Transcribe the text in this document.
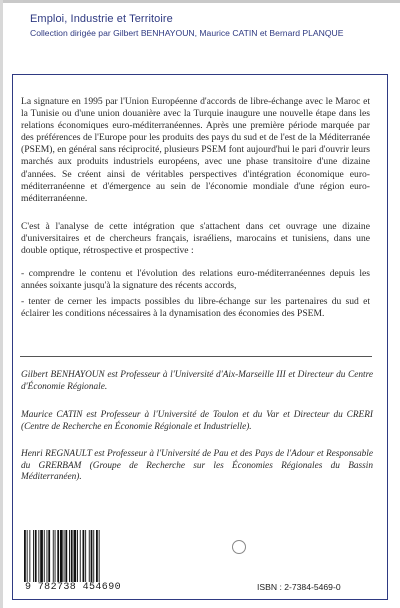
Emploi, Industrie et Territoire

Collection dirigée par Gilbert BENHAYOUN, Maurice CATIN et Bernard PLANQUE

La signature en 1995 par l'Union Européenne d'accords de libre-échange avec le Maroc et la Tunisie ou d'une union douanière avec la Turquie inaugure une nouvelle étape dans les relations économiques euro-méditerranéennes. Après une première période marquée par des préférences de l'Europe pour les produits des pays du sud et de l'est de la Méditerranée (PSEM), en général sans réciprocité, plusieurs PSEM font aujourd'hui le pari d'ouvrir leurs marchés aux produits industriels européens, avec une phase transitoire d'une dizaine d'années. Se créent ainsi de véritables perspectives d'intégration économique euro-méditerranéenne et d'émergence au sein de l'économie mondiale d'une région euro-méditerranéenne.
C'est à l'analyse de cette intégration que s'attachent dans cet ouvrage une dizaine d'universitaires et de chercheurs français, israéliens, marocains et tunisiens, dans une double optique, rétrospective et prospective :
- comprendre le contenu et l'évolution des relations euro-méditerranéennes depuis les années soixante jusqu'à la signature des récents accords,
- tenter de cerner les impacts possibles du libre-échange sur les partenaires du sud et éclairer les conditions nécessaires à la dynamisation des économies des PSEM.
Gilbert BENHAYOUN est Professeur à l'Université d'Aix-Marseille III et Directeur du Centre d'Économie Régionale.
Maurice CATIN est Professeur à l'Université de Toulon et du Var et Directeur du CRERI (Centre de Recherche en Économie Régionale et Industrielle).
Henri REGNAULT est Professeur à l'Université de Pau et des Pays de l'Adour et Responsable du GRERBAM (Groupe de Recherche sur les Économies Régionales du Bassin Méditerranéen).
9 782738 454690	ISBN : 2-7384-5469-0
